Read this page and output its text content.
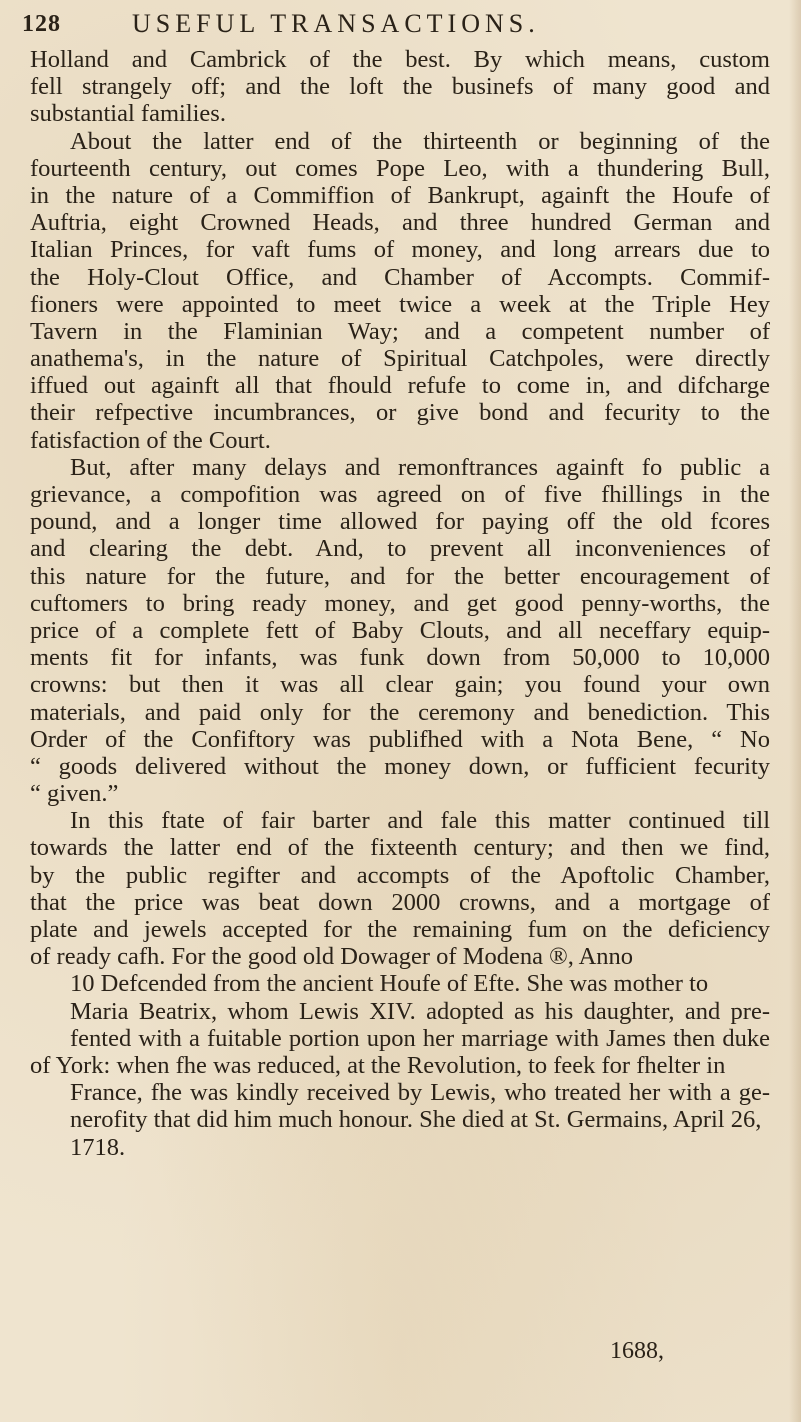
128	USEFUL TRANSACTIONS.
Holland and Cambrick of the best. By which means, custom
fell strangely off; and the loft the businefs of many good and
substantial families.
About the latter end of the thirteenth or beginning of the
fourteenth century, out comes Pope Leo, with a thundering Bull,
in the nature of a Commiffion of Bankrupt, againft the Houfe of
Auftria, eight Crowned Heads, and three hundred German and
Italian Princes, for vaft fums of money, and long arrears due to
the Holy-Clout Office, and Chamber of Accompts. Commif-
fioners were appointed to meet twice a week at the Triple Hey
Tavern in the Flaminian Way; and a competent number of
anathema's, in the nature of Spiritual Catchpoles, were directly
iffued out againft all that fhould refufe to come in, and difcharge
their refpective incumbrances, or give bond and fecurity to the
fatisfaction of the Court.
But, after many delays and remonftrances againft fo public a
grievance, a compofition was agreed on of five fhillings in the
pound, and a longer time allowed for paying off the old fcores
and clearing the debt. And, to prevent all inconveniences of
this nature for the future, and for the better encouragement of
cuftomers to bring ready money, and get good penny-worths, the
price of a complete fett of Baby Clouts, and all neceffary equip-
ments fit for infants, was funk down from 50,000 to 10,000
crowns: but then it was all clear gain; you found your own
materials, and paid only for the ceremony and benediction. This
Order of the Confiftory was publifhed with a Nota Bene, “ No
“ goods delivered without the money down, or fufficient fecurity
“ given.”
In this ftate of fair barter and fale this matter continued till
towards the latter end of the fixteenth century; and then we find,
by the public regifter and accompts of the Apoftolic Chamber,
that the price was beat down 2000 crowns, and a mortgage of
plate and jewels accepted for the remaining fum on the deficiency
of ready cafh. For the good old Dowager of Modena ®, Anno
10 Defcended from the ancient Houfe of Efte. She was mother to
Maria Beatrix, whom Lewis XIV. adopted as his daughter, and pre-
fented with a fuitable portion upon her marriage with James then duke
of York: when fhe was reduced, at the Revolution, to feek for fhelter in
France, fhe was kindly received by Lewis, who treated her with a ge-
nerofity that did him much honour. She died at St. Germains, April 26,
1718.
1688,
